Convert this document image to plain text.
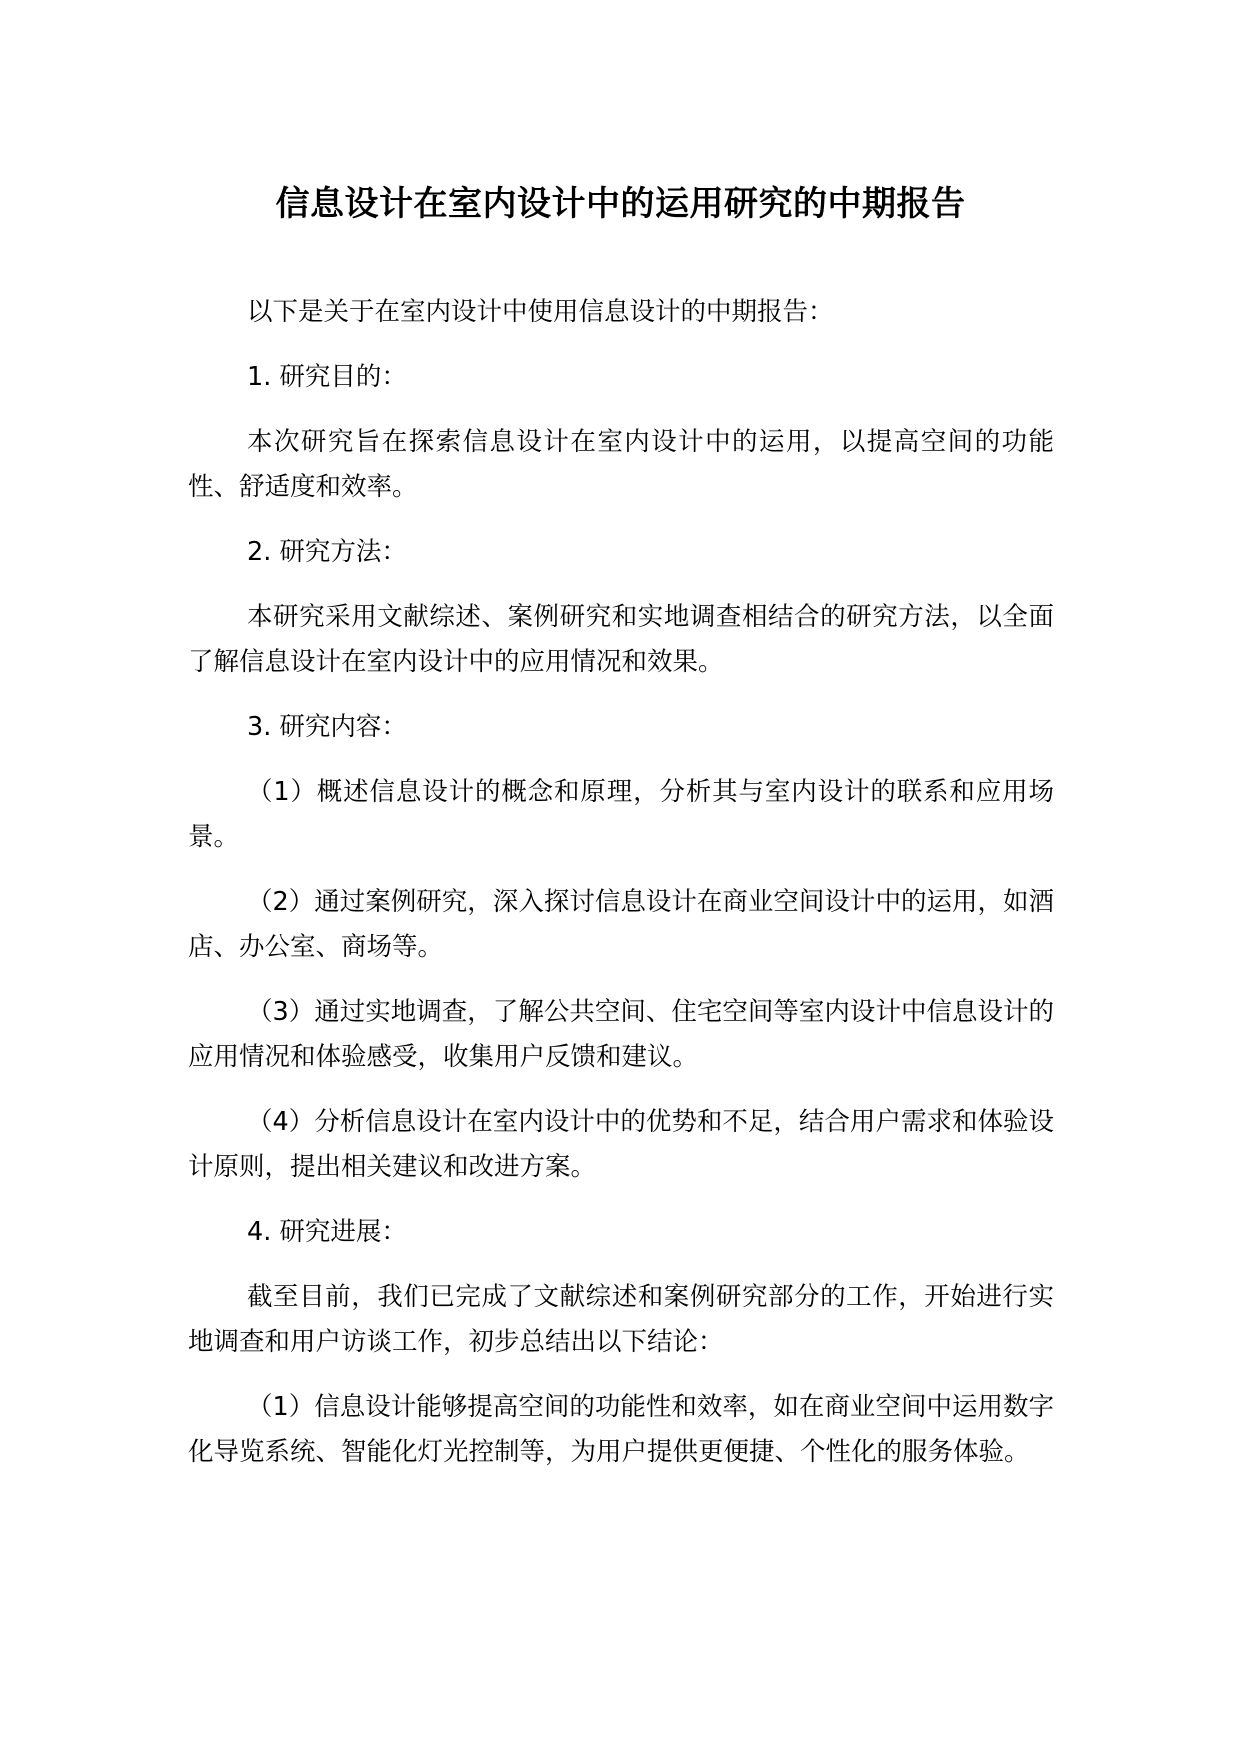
信息设计在室内设计中的运用研究的中期报告

以下是关于在室内设计中使用信息设计的中期报告：

1. 研究目的：

本次研究旨在探索信息设计在室内设计中的运用，以提高空间的功能性、舒适度和效率。

2. 研究方法：

本研究采用文献综述、案例研究和实地调查相结合的研究方法，以全面了解信息设计在室内设计中的应用情况和效果。

3. 研究内容：

（1）概述信息设计的概念和原理，分析其与室内设计的联系和应用场景。

（2）通过案例研究，深入探讨信息设计在商业空间设计中的运用，如酒店、办公室、商场等。

（3）通过实地调查，了解公共空间、住宅空间等室内设计中信息设计的应用情况和体验感受，收集用户反馈和建议。

（4）分析信息设计在室内设计中的优势和不足，结合用户需求和体验设计原则，提出相关建议和改进方案。

4. 研究进展：

截至目前，我们已完成了文献综述和案例研究部分的工作，开始进行实地调查和用户访谈工作，初步总结出以下结论：

（1）信息设计能够提高空间的功能性和效率，如在商业空间中运用数字化导览系统、智能化灯光控制等，为用户提供更便捷、个性化的服务体验。
